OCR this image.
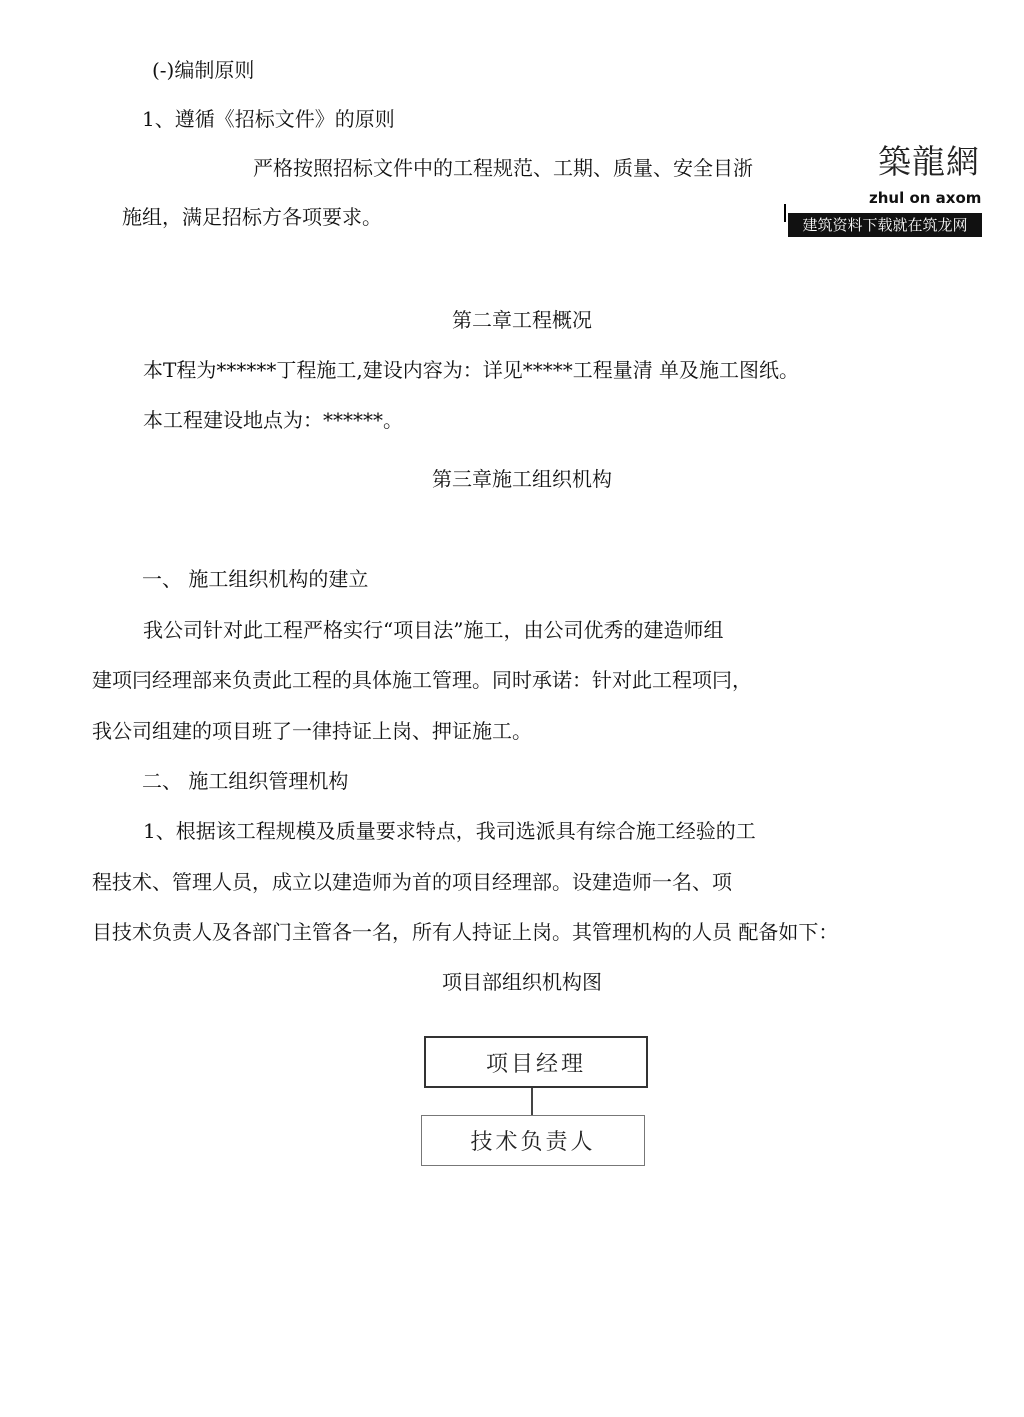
(-)编制原则
1、遵循《招标文件》的原则
严格按照招标文件中的工程规范、工期、质量、安全目浙
施组，满足招标方各项要求。
第二章工程概况
本T程为******丁程施工,建设内容为：详见*****工程量清 单及施工图纸。
本工程建设地点为：******。
第三章施工组织机构
一、 施工组织机构的建立
我公司针对此工程严格实行“项目法”施工，由公司优秀的建造师组
建项冃经理部来负责此工程的具体施工管理。同时承诺：针对此工程项冃，
我公司组建的项目班了一律持证上岗、押证施工。
二、 施工组织管理机构
1、根据该工程规模及质量要求特点，我司选派具有综合施工经验的工
程技术、管理人员，成立以建造师为首的项目经理部。设建造师一名、项
目技术负责人及各部门主管各一名，所有人持证上岗。其管理机构的人员 配备如下：
项目部组织机构图
築龍網
zhul on axom
建筑资料下载就在筑龙网
项目经理
技术负责人
